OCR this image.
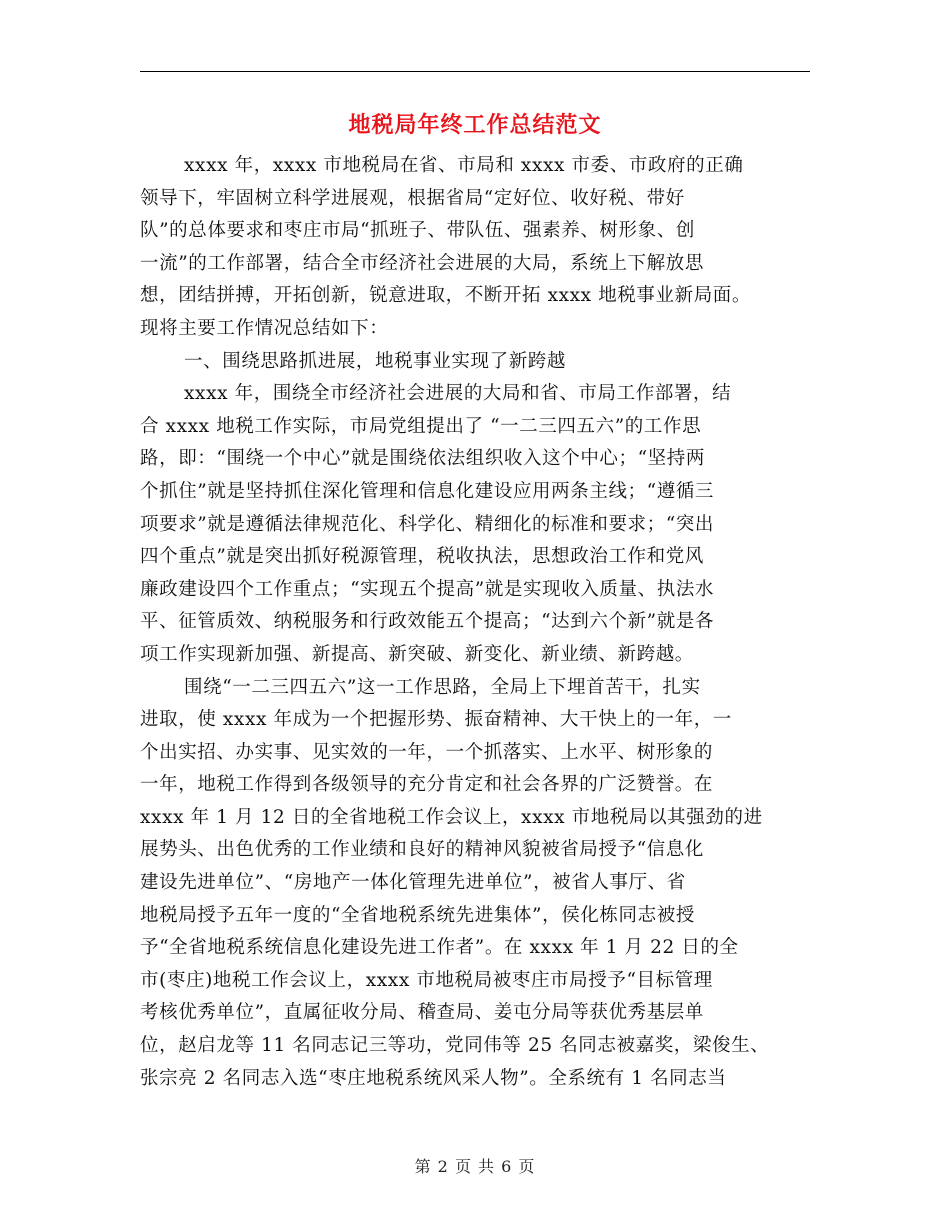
地税局年终工作总结范文
xxxx 年，xxxx 市地税局在省、市局和 xxxx 市委、市政府的正确
领导下，牢固树立科学进展观，根据省局“定好位、收好税、带好
队”的总体要求和枣庄市局“抓班子、带队伍、强素养、树形象、创
一流”的工作部署，结合全市经济社会进展的大局，系统上下解放思
想，团结拼搏，开拓创新，锐意进取，不断开拓 xxxx 地税事业新局面。
现将主要工作情况总结如下：
一、围绕思路抓进展，地税事业实现了新跨越
xxxx 年，围绕全市经济社会进展的大局和省、市局工作部署，结
合 xxxx 地税工作实际，市局党组提出了 “一二三四五六”的工作思
路，即：“围绕一个中心”就是围绕依法组织收入这个中心；“坚持两
个抓住”就是坚持抓住深化管理和信息化建设应用两条主线；“遵循三
项要求”就是遵循法律规范化、科学化、精细化的标准和要求；“突出
四个重点”就是突出抓好税源管理，税收执法，思想政治工作和党风
廉政建设四个工作重点；“实现五个提高”就是实现收入质量、执法水
平、征管质效、纳税服务和行政效能五个提高；“达到六个新”就是各
项工作实现新加强、新提高、新突破、新变化、新业绩、新跨越。
围绕“一二三四五六”这一工作思路，全局上下埋首苦干，扎实
进取，使 xxxx 年成为一个把握形势、振奋精神、大干快上的一年，一
个出实招、办实事、见实效的一年，一个抓落实、上水平、树形象的
一年，地税工作得到各级领导的充分肯定和社会各界的广泛赞誉。在
xxxx 年 1 月 12 日的全省地税工作会议上，xxxx 市地税局以其强劲的进
展势头、出色优秀的工作业绩和良好的精神风貌被省局授予“信息化
建设先进单位”、“房地产一体化管理先进单位”，被省人事厅、省
地税局授予五年一度的“全省地税系统先进集体”，侯化栋同志被授
予“全省地税系统信息化建设先进工作者”。在 xxxx 年 1 月 22 日的全
市(枣庄)地税工作会议上，xxxx 市地税局被枣庄市局授予“目标管理
考核优秀单位”，直属征收分局、稽查局、姜屯分局等获优秀基层单
位，赵启龙等 11 名同志记三等功，党同伟等 25 名同志被嘉奖，梁俊生、
张宗亮 2 名同志入选“枣庄地税系统风采人物”。全系统有 1 名同志当
第 2 页 共 6 页
